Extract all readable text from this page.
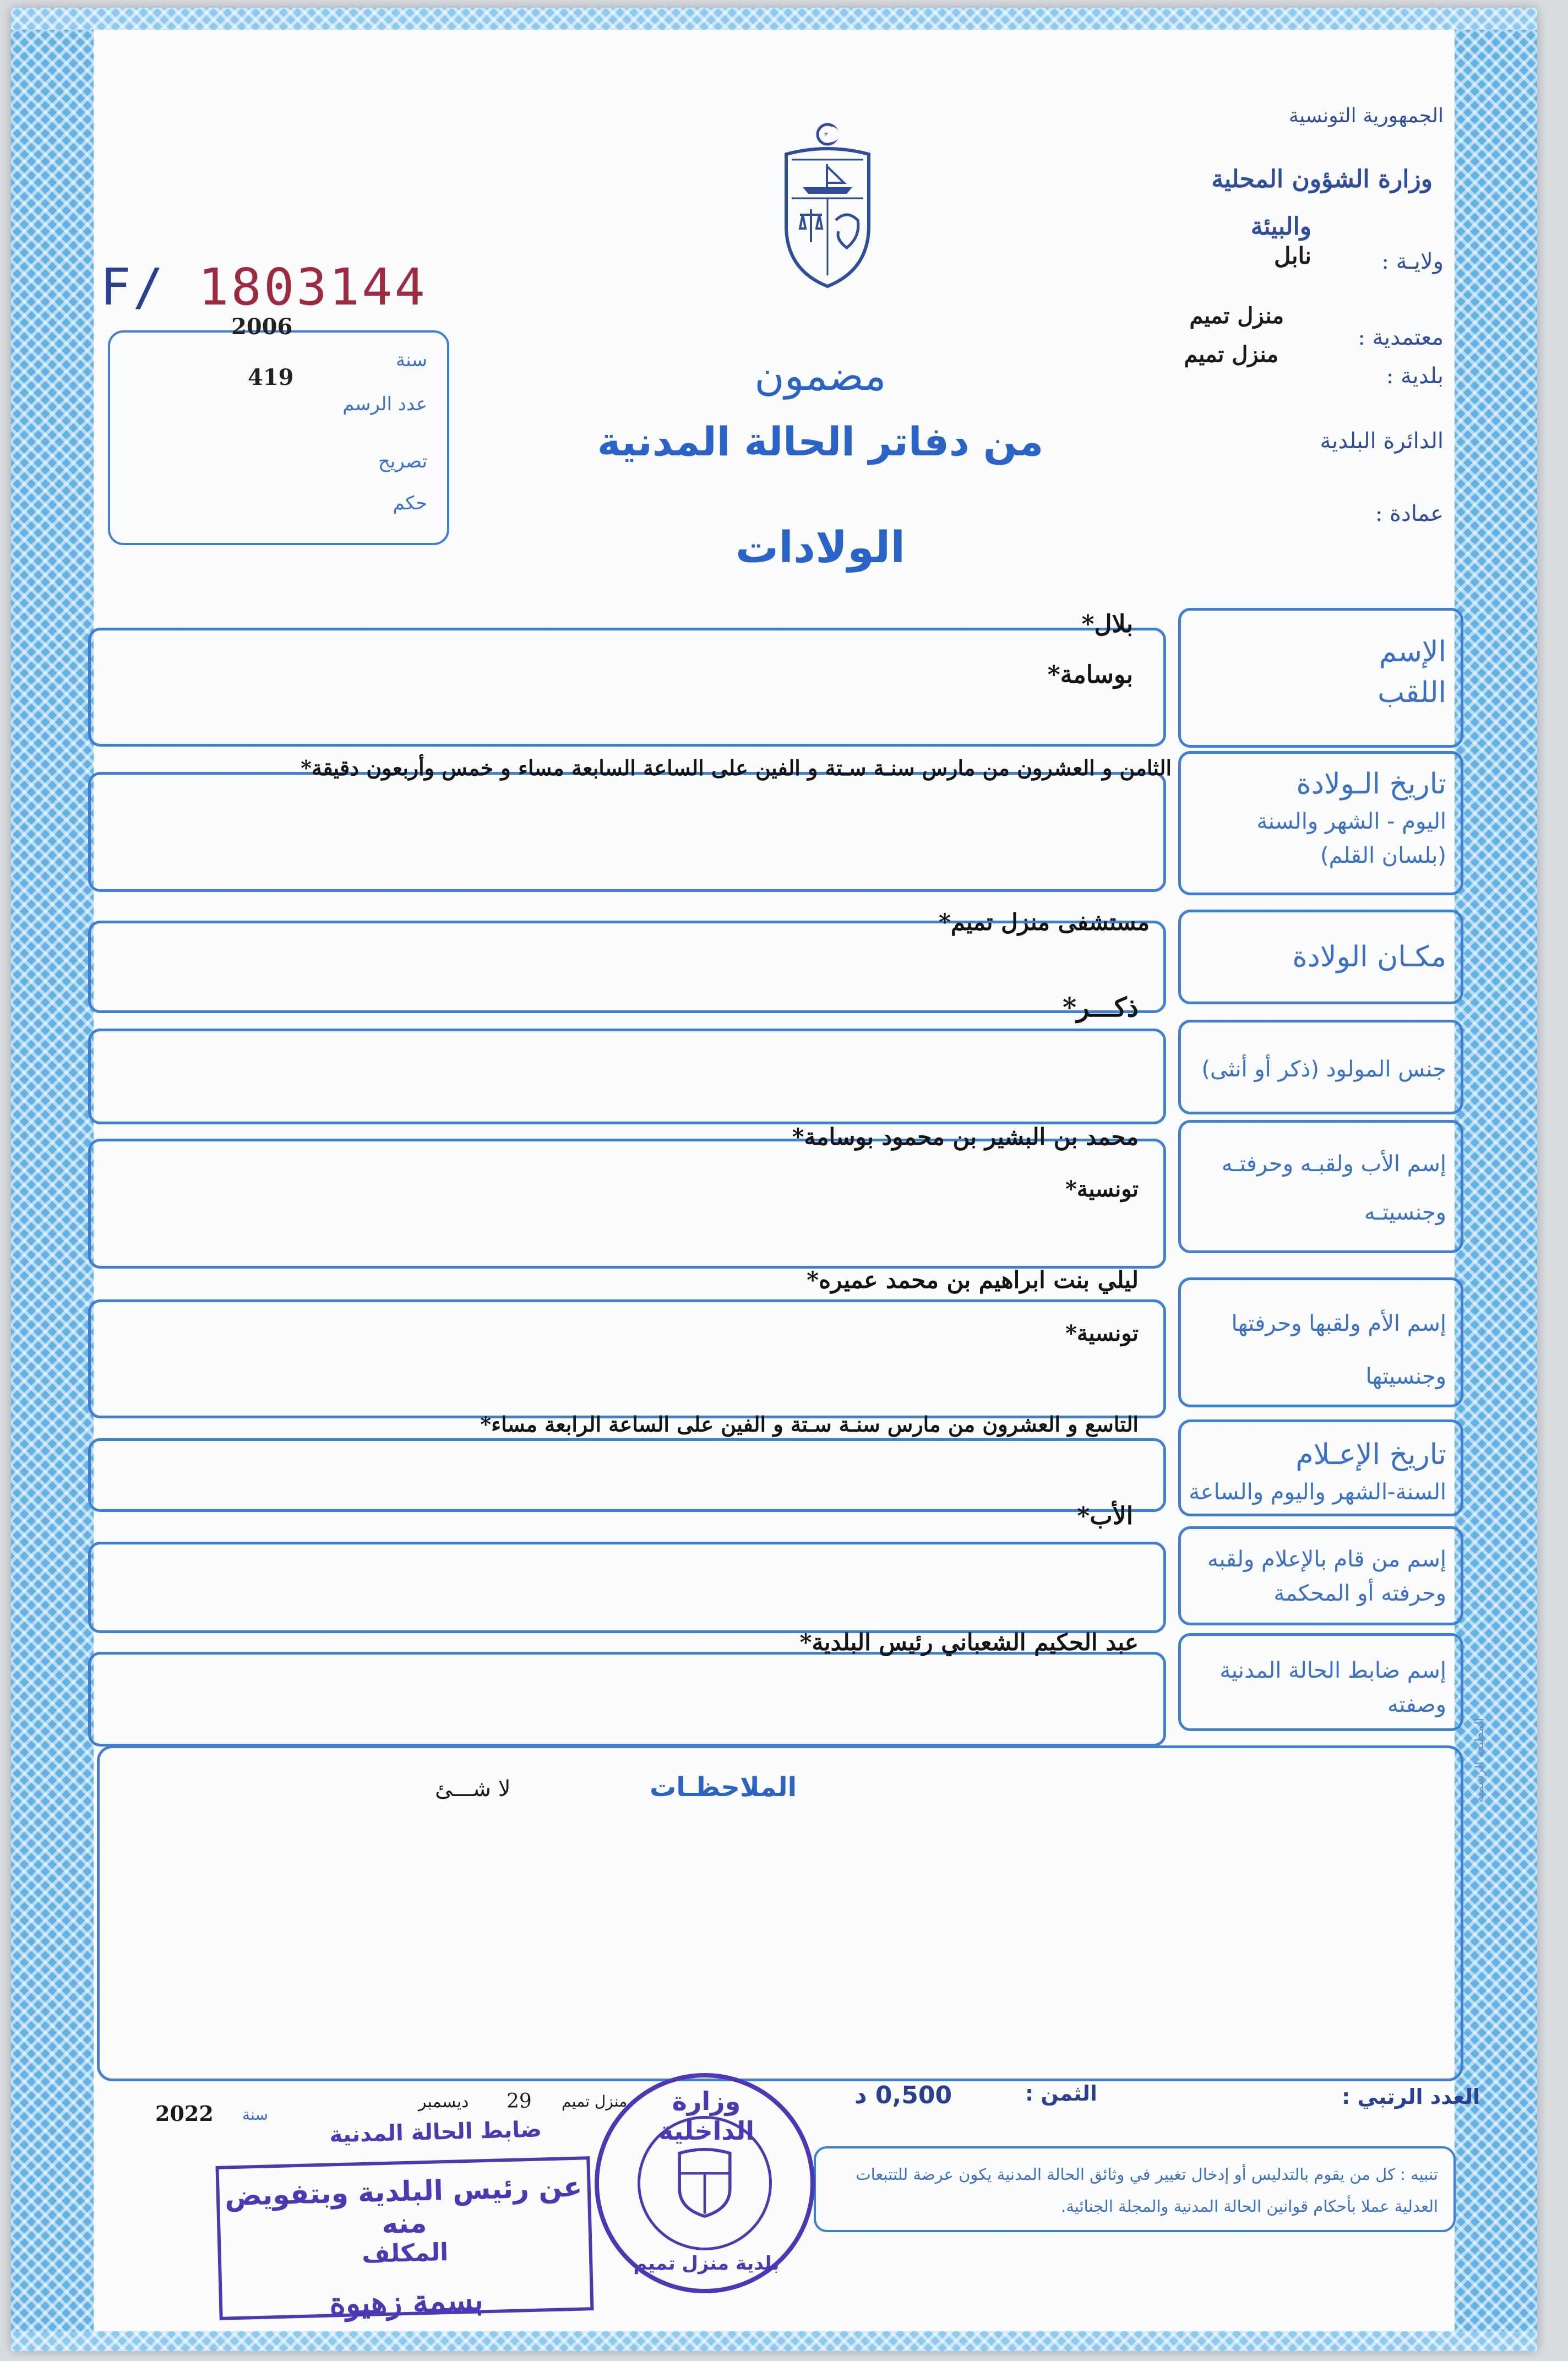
الجمهورية التونسية
وزارة الشؤون المحلية
والبيئة
ولايـة :
نابل
معتمدية :
منزل تميم
بلدية :
منزل تميم
الدائرة البلدية
عمادة :
F/ 1803144
2006
سنة
419
عدد الرسم
تصريح
حكم
مضمون
من دفاتر الحالة المدنية
الولادات
الإسم
اللقب
بلال*
بوسامة*
تاريخ الـولادة
اليوم - الشهر والسنة
(بلسان القلم)
الثامن و العشرون من مارس سنـة سـتة و الفين على الساعة السابعة مساء و خمس وأربعون دقيقة*
مكـان الولادة
مستشفى منزل تميم*
جنس المولود (ذكر أو أنثى)
ذكـــر*
إسم الأب ولقبـه وحرفتـه
وجنسيتـه
محمد بن البشير بن محمود بوسامة*
تونسية*
إسم الأم ولقبها وحرفتها
وجنسيتها
ليلي بنت ابراهيم بن محمد عميره*
تونسية*
تاريخ الإعـلام
السنة-الشهر واليوم والساعة
التاسع و العشرون من مارس سنـة سـتة و الفين على الساعة الرابعة مساء*
إسم من قام بالإعلام ولقبه
وحرفته أو المحكمة
الأب*
إسم ضابط الحالة المدنية
وصفته
عبد الحكيم الشعباني رئيس البلدية*
الملاحظـات
لا شـــئ	المطبعة الرسمية
العدد الرتبي :
الثمن :
0,500 د
منزل تميم
29
ديسمبر
سنة
2022
تنبيه : كل من يقوم بالتدليس أو إدخال تغيير في وثائق الحالة المدنية يكون عرضة للتتبعات العدلية عملا بأحكام قوانين الحالة المدنية والمجلة الجنائية.
ضابط الحالة المدنية
عن رئيس البلدية وبتفويض منه
المكلف
بسمة زهيوة
وزارة الداخلية
بلدية منزل تميم
